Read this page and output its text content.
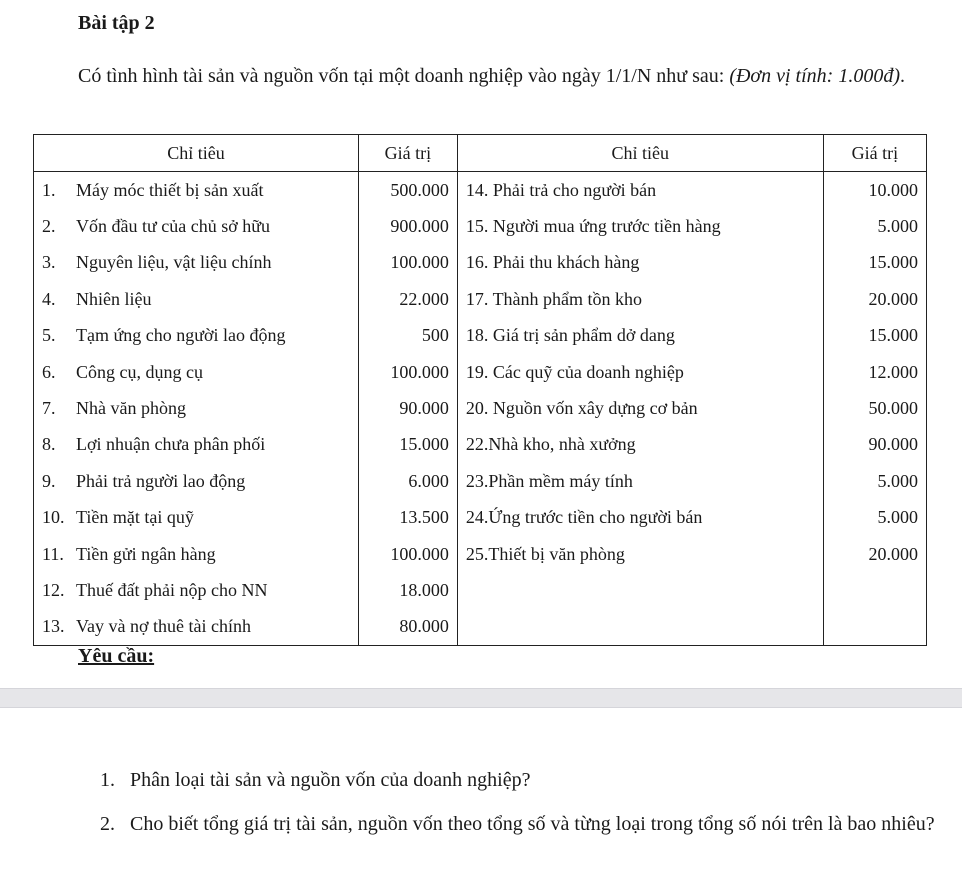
Bài tập 2
Có tình hình tài sản và nguồn vốn tại một doanh nghiệp vào ngày 1/1/N như sau: (Đơn vị tính: 1.000đ).
Chỉ tiêu	Giá trị	Chỉ tiêu	Giá trị
1. Máy móc thiết bị sản xuất	500.000	14. Phải trả cho người bán	10.000
2. Vốn đầu tư của chủ sở hữu	900.000	15. Người mua ứng trước tiền hàng	5.000
3. Nguyên liệu, vật liệu chính	100.000	16. Phải thu khách hàng	15.000
4. Nhiên liệu	22.000	17. Thành phẩm tồn kho	20.000
5. Tạm ứng cho người lao động	500	18. Giá trị sản phẩm dở dang	15.000
6. Công cụ, dụng cụ	100.000	19. Các quỹ của doanh nghiệp	12.000
7. Nhà văn phòng	90.000	20. Nguồn vốn xây dựng cơ bản	50.000
8. Lợi nhuận chưa phân phối	15.000	22.Nhà kho, nhà xưởng	90.000
9. Phải trả người lao động	6.000	23.Phần mềm máy tính	5.000
10. Tiền mặt tại quỹ	13.500	24.Ứng trước tiền cho người bán	5.000
11. Tiền gửi ngân hàng	100.000	25.Thiết bị văn phòng	20.000
12. Thuế đất phải nộp cho NN	18.000		
13. Vay và nợ thuê tài chính	80.000		
Yêu cầu:
1. Phân loại tài sản và nguồn vốn của doanh nghiệp?
2. Cho biết tổng giá trị tài sản, nguồn vốn theo tổng số và từng loại trong tổng số nói trên là bao nhiêu?
